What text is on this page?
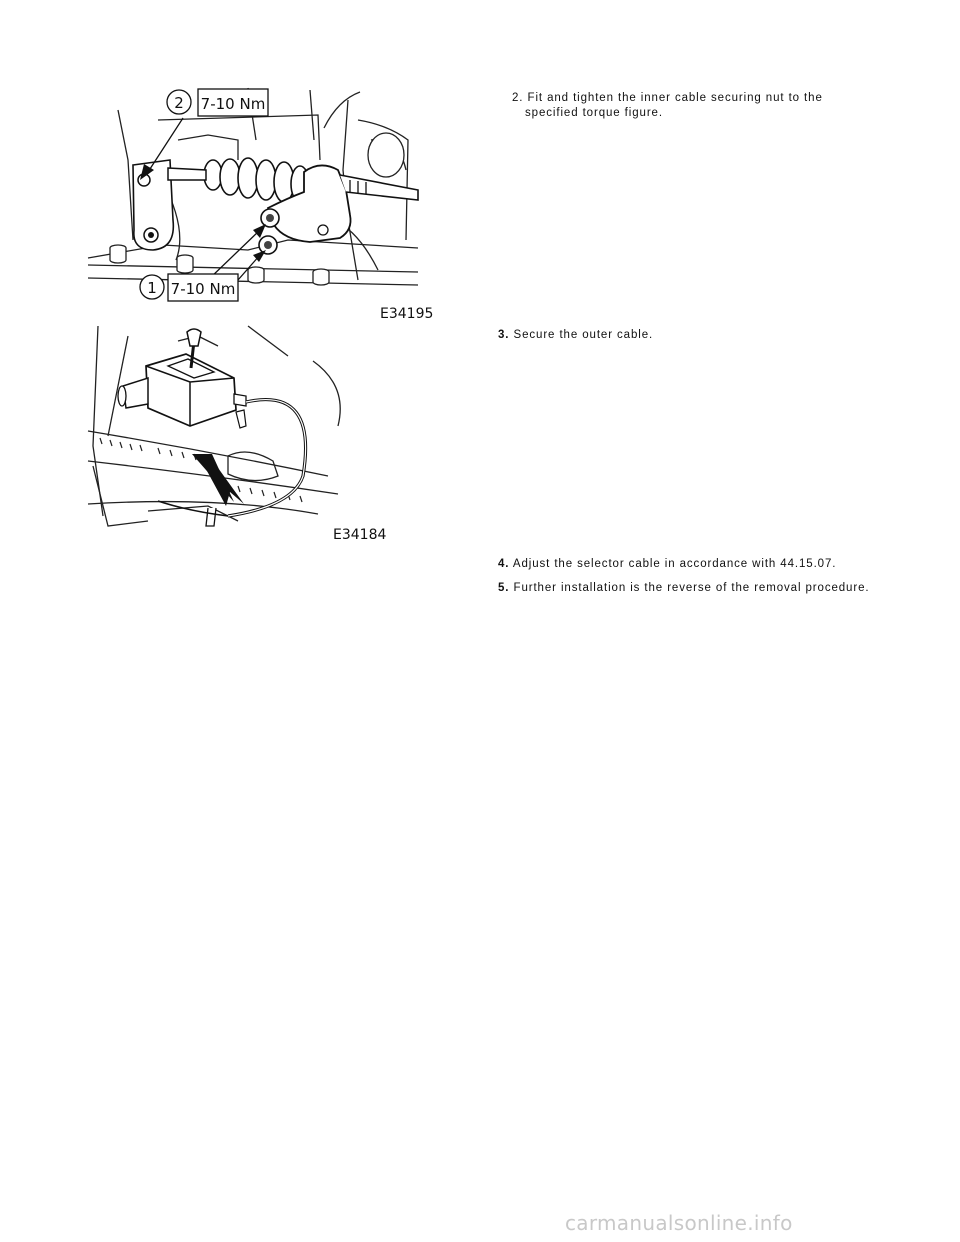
2 7-10 Nm
1 7-10 Nm
E34195
E34184
2. Fit and tighten the inner cable securing nut to the
specified torque figure.
3. Secure the outer cable.
4. Adjust the selector cable in accordance with 44.15.07.
5. Further installation is the reverse of the removal procedure.
carmanualsonline.info
